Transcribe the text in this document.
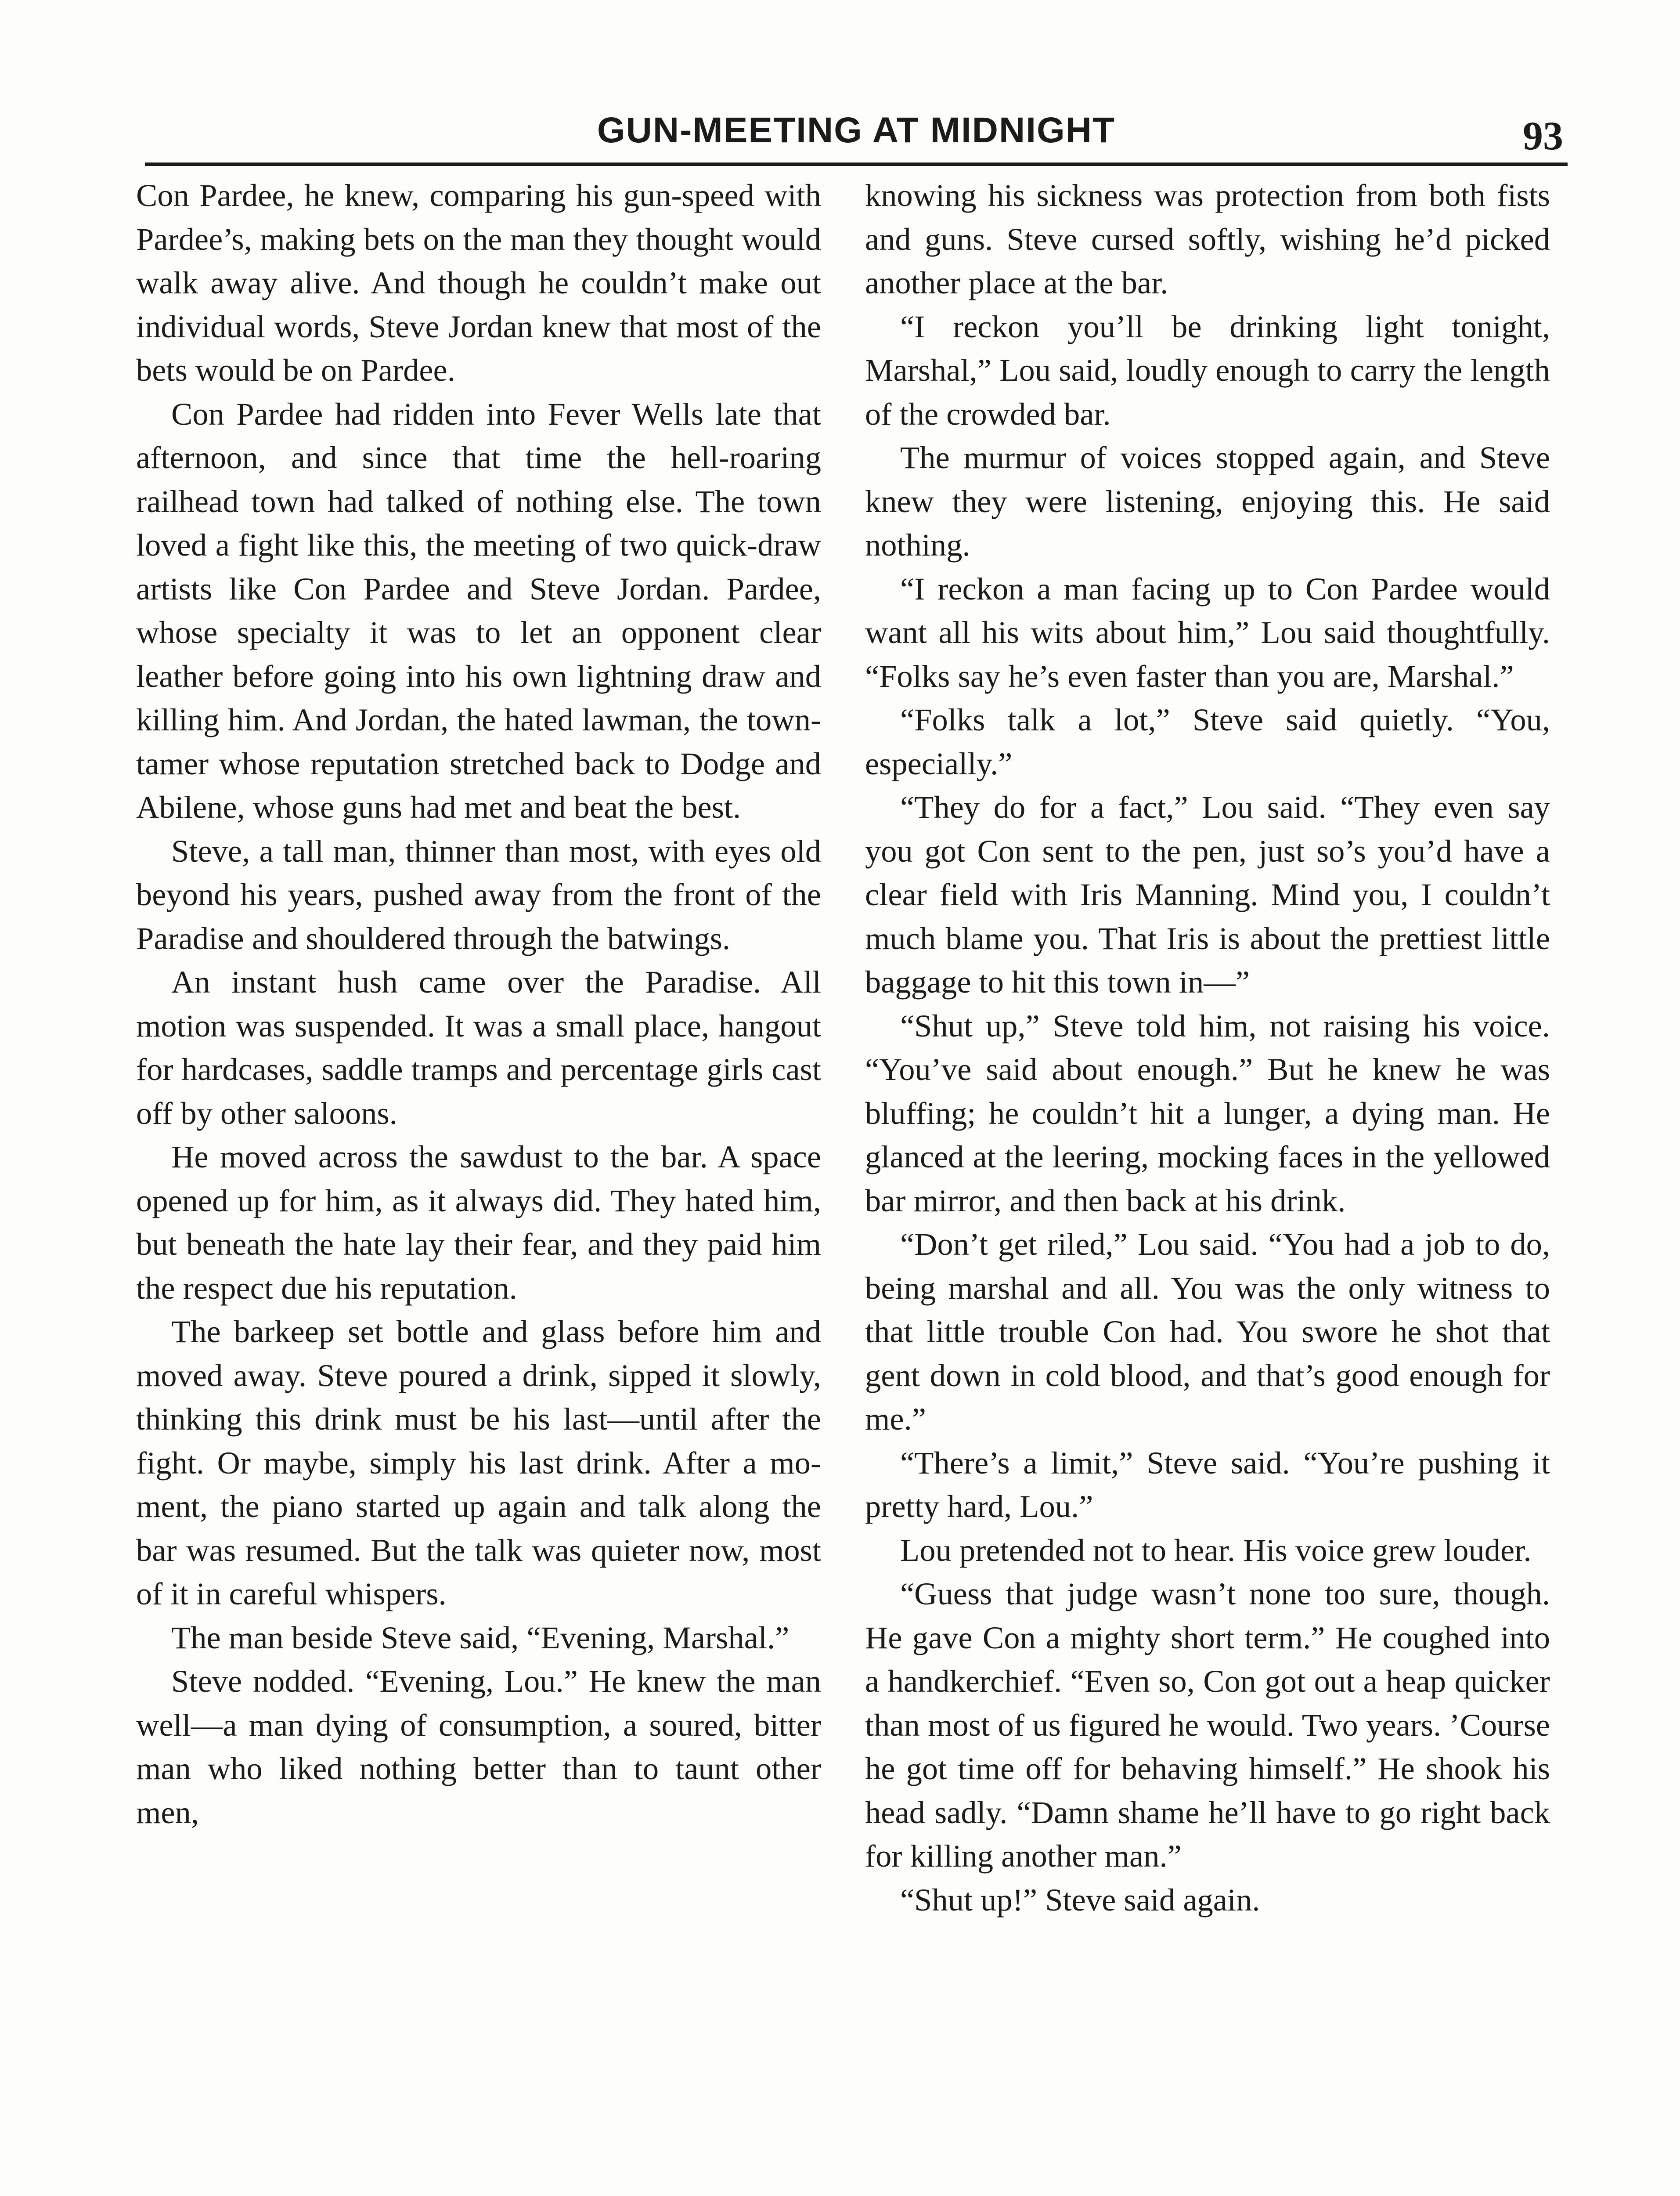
GUN-MEETING AT MIDNIGHT	93

Con Pardee, he knew, comparing his gun-speed with Pardee’s, making bets on the man they thought would walk away alive. And though he couldn’t make out individual words, Steve Jordan knew that most of the bets would be on Pardee.

Con Pardee had ridden into Fever Wells late that afternoon, and since that time the hell-roaring railhead town had talked of nothing else. The town loved a fight like this, the meeting of two quick-draw artists like Con Pardee and Steve Jordan. Pardee, whose specialty it was to let an opponent clear leather before going into his own lightning draw and killing him. And Jordan, the hated lawman, the town-tamer whose reputation stretched back to Dodge and Abilene, whose guns had met and beat the best.

Steve, a tall man, thinner than most, with eyes old beyond his years, pushed away from the front of the Paradise and shouldered through the batwings.

An instant hush came over the Paradise. All motion was suspended. It was a small place, hangout for hardcases, saddle tramps and percentage girls cast off by other saloons.

He moved across the sawdust to the bar. A space opened up for him, as it always did. They hated him, but beneath the hate lay their fear, and they paid him the respect due his reputation.

The barkeep set bottle and glass before him and moved away. Steve poured a drink, sipped it slowly, thinking this drink must be his last—until after the fight. Or maybe, simply his last drink. After a moment, the piano started up again and talk along the bar was resumed. But the talk was quieter now, most of it in careful whispers.

The man beside Steve said, “Evening, Marshal.”

Steve nodded. “Evening, Lou.” He knew the man well—a man dying of consumption, a soured, bitter man who liked nothing better than to taunt other men,

knowing his sickness was protection from both fists and guns. Steve cursed softly, wishing he’d picked another place at the bar.

“I reckon you’ll be drinking light tonight, Marshal,” Lou said, loudly enough to carry the length of the crowded bar.

The murmur of voices stopped again, and Steve knew they were listening, enjoying this. He said nothing.

“I reckon a man facing up to Con Pardee would want all his wits about him,” Lou said thoughtfully. “Folks say he’s even faster than you are, Marshal.”

“Folks talk a lot,” Steve said quietly. “You, especially.”

“They do for a fact,” Lou said. “They even say you got Con sent to the pen, just so’s you’d have a clear field with Iris Manning. Mind you, I couldn’t much blame you. That Iris is about the prettiest little baggage to hit this town in—”

“Shut up,” Steve told him, not raising his voice. “You’ve said about enough.” But he knew he was bluffing; he couldn’t hit a lunger, a dying man. He glanced at the leering, mocking faces in the yellowed bar mirror, and then back at his drink.

“Don’t get riled,” Lou said. “You had a job to do, being marshal and all. You was the only witness to that little trouble Con had. You swore he shot that gent down in cold blood, and that’s good enough for me.”

“There’s a limit,” Steve said. “You’re pushing it pretty hard, Lou.”

Lou pretended not to hear. His voice grew louder.

“Guess that judge wasn’t none too sure, though. He gave Con a mighty short term.” He coughed into a handkerchief. “Even so, Con got out a heap quicker than most of us figured he would. Two years. ’Course he got time off for behaving himself.” He shook his head sadly. “Damn shame he’ll have to go right back for killing another man.”

“Shut up!” Steve said again.
